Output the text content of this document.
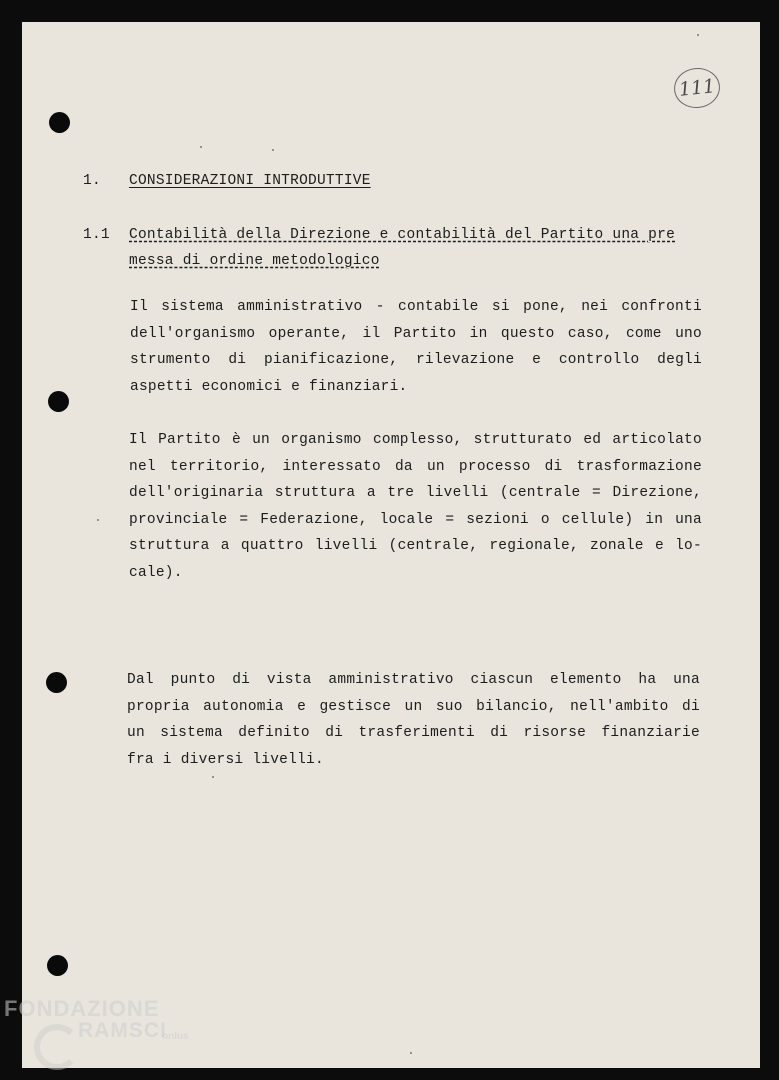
111
1. CONSIDERAZIONI INTRODUTTIVE
1.1 Contabilità della Direzione e contabilità del Partito una pre
messa di ordine metodologico
Il sistema amministrativo - contabile si pone, nei confronti
dell'organismo operante, il Partito in questo caso, come uno
strumento di pianificazione, rilevazione e controllo degli
aspetti economici e finanziari.
Il Partito è un organismo complesso, strutturato ed articolato
nel territorio, interessato da un processo di trasformazione
dell'originaria struttura a tre livelli (centrale = Direzione,
provinciale = Federazione, locale = sezioni o cellule) in una
struttura a quattro livelli (centrale, regionale, zonale e lo-
cale).
Dal punto di vista amministrativo ciascun elemento ha una
propria autonomia e gestisce un suo bilancio, nell'ambito di
un sistema definito di trasferimenti di risorse finanziarie
fra i diversi livelli.
FONDAZIONE
RAMSCI
onlus
